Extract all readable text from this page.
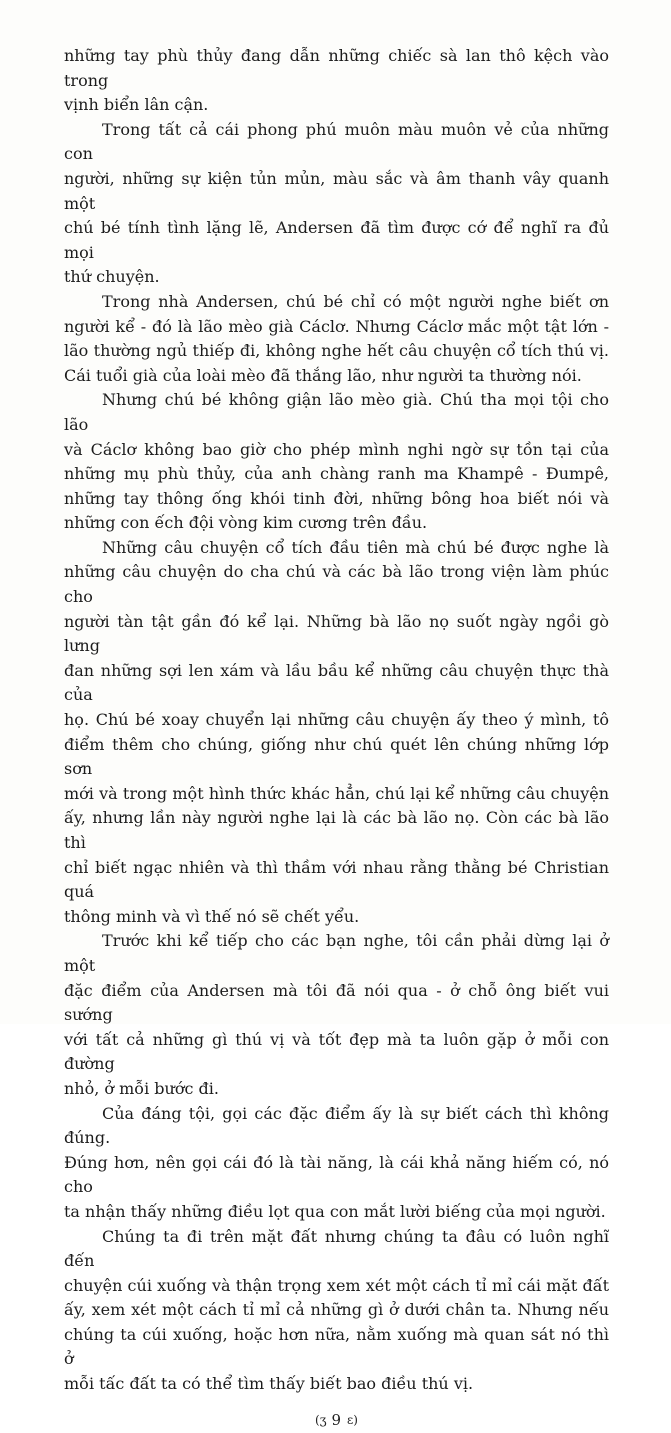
những tay phù thủy đang dẫn những chiếc sà lan thô kệch vào trong
vịnh biển lân cận.

Trong tất cả cái phong phú muôn màu muôn vẻ của những con
người, những sự kiện tủn mủn, màu sắc và âm thanh vây quanh một
chú bé tính tình lặng lẽ, Andersen đã tìm được cớ để nghĩ ra đủ mọi
thứ chuyện.

Trong nhà Andersen, chú bé chỉ có một người nghe biết ơn
người kể - đó là lão mèo già Cáclơ. Nhưng Cáclơ mắc một tật lớn -
lão thường ngủ thiếp đi, không nghe hết câu chuyện cổ tích thú vị.
Cái tuổi già của loài mèo đã thắng lão, như người ta thường nói.

Nhưng chú bé không giận lão mèo già. Chú tha mọi tội cho lão
và Cáclơ không bao giờ cho phép mình nghi ngờ sự tồn tại của
những mụ phù thủy, của anh chàng ranh ma Khampê - Đumpê,
những tay thông ống khói tinh đời, những bông hoa biết nói và
những con ếch đội vòng kim cương trên đầu.

Những câu chuyện cổ tích đầu tiên mà chú bé được nghe là
những câu chuyện do cha chú và các bà lão trong viện làm phúc cho
người tàn tật gần đó kể lại. Những bà lão nọ suốt ngày ngồi gò lưng
đan những sợi len xám và lầu bầu kể những câu chuyện thực thà của
họ. Chú bé xoay chuyển lại những câu chuyện ấy theo ý mình, tô
điểm thêm cho chúng, giống như chú quét lên chúng những lớp sơn
mới và trong một hình thức khác hẳn, chú lại kể những câu chuyện
ấy, nhưng lần này người nghe lại là các bà lão nọ. Còn các bà lão thì
chỉ biết ngạc nhiên và thì thầm với nhau rằng thằng bé Christian quá
thông minh và vì thế nó sẽ chết yểu.

Trước khi kể tiếp cho các bạn nghe, tôi cần phải dừng lại ở một
đặc điểm của Andersen mà tôi đã nói qua - ở chỗ ông biết vui sướng
với tất cả những gì thú vị và tốt đẹp mà ta luôn gặp ở mỗi con đường
nhỏ, ở mỗi bước đi.

Của đáng tội, gọi các đặc điểm ấy là sự biết cách thì không đúng.
Đúng hơn, nên gọi cái đó là tài năng, là cái khả năng hiếm có, nó cho
ta nhận thấy những điều lọt qua con mắt lười biếng của mọi người.

Chúng ta đi trên mặt đất nhưng chúng ta đâu có luôn nghĩ đến
chuyện cúi xuống và thận trọng xem xét một cách tỉ mỉ cái mặt đất
ấy, xem xét một cách tỉ mỉ cả những gì ở dưới chân ta. Nhưng nếu
chúng ta cúi xuống, hoặc hơn nữa, nằm xuống mà quan sát nó thì ở
mỗi tấc đất ta có thể tìm thấy biết bao điều thú vị.

(ʒ 9 ɛ)
